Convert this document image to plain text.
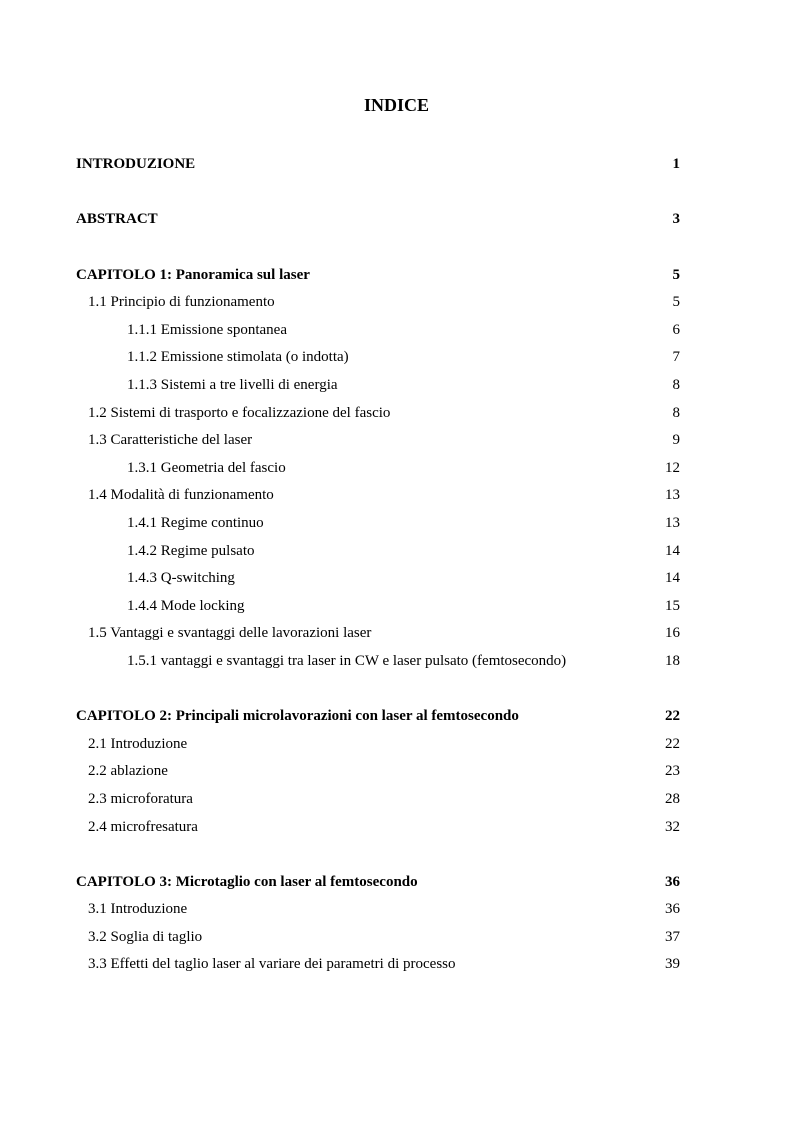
INDICE
INTRODUZIONE	1
ABSTRACT	3
CAPITOLO 1: Panoramica sul laser	5
1.1 Principio di funzionamento	5
1.1.1 Emissione spontanea	6
1.1.2 Emissione stimolata (o indotta)	7
1.1.3 Sistemi a tre livelli di energia	8
1.2 Sistemi di trasporto e focalizzazione del fascio	8
1.3 Caratteristiche del laser	9
1.3.1 Geometria del fascio	12
1.4 Modalità di funzionamento	13
1.4.1 Regime continuo	13
1.4.2 Regime pulsato	14
1.4.3 Q-switching	14
1.4.4 Mode locking	15
1.5 Vantaggi e svantaggi delle lavorazioni laser	16
1.5.1 vantaggi e svantaggi tra laser in CW e laser pulsato (femtosecondo)	18
CAPITOLO 2: Principali microlavorazioni con laser al femtosecondo	22
2.1 Introduzione	22
2.2 ablazione	23
2.3 microforatura	28
2.4 microfresatura	32
CAPITOLO 3: Microtaglio con laser al femtosecondo	36
3.1 Introduzione	36
3.2 Soglia di taglio	37
3.3 Effetti del taglio laser al variare dei parametri di processo	39
